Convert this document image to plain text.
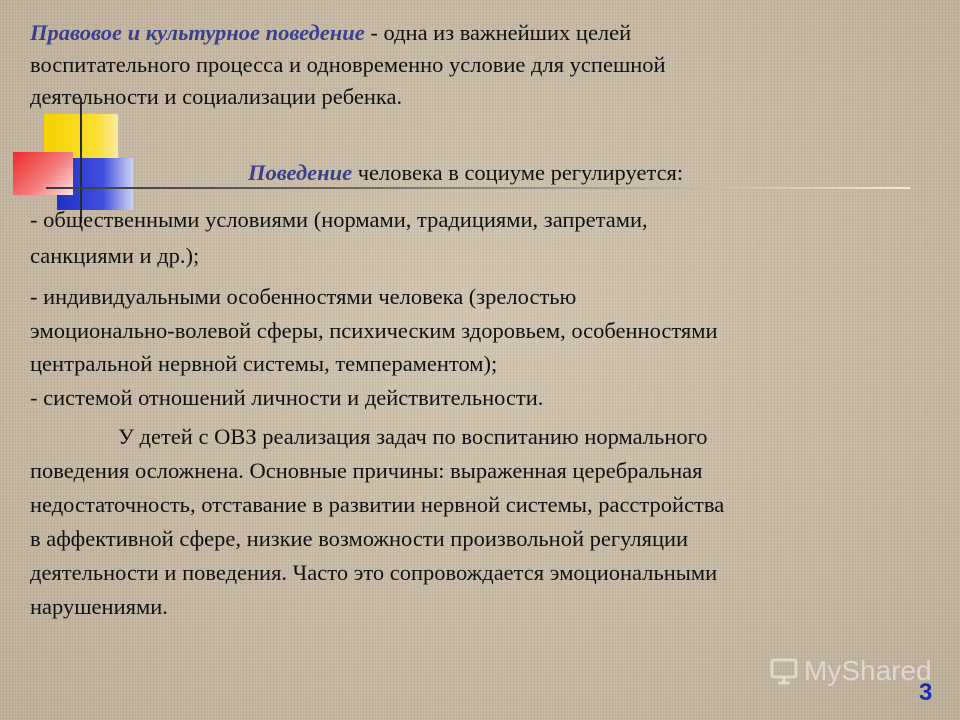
Правовое и культурное поведение - одна из важнейших целей
воспитательного процесса и одновременно условие для успешной
деятельности и социализации ребенка.
Поведение человека в социуме регулируется:
- общественными условиями (нормами, традициями, запретами,
санкциями и др.);
- индивидуальными особенностями человека (зрелостью
эмоционально-волевой сферы, психическим здоровьем, особенностями
центральной нервной системы, темпераментом);
- системой отношений личности и действительности.
У детей с ОВЗ реализация задач по воспитанию нормального
поведения осложнена. Основные причины: выраженная церебральная
недостаточность, отставание в развитии нервной системы, расстройства
в аффективной сфере, низкие возможности произвольной регуляции
деятельности и поведения. Часто это сопровождается эмоциональными
нарушениями.
MyShared
3
